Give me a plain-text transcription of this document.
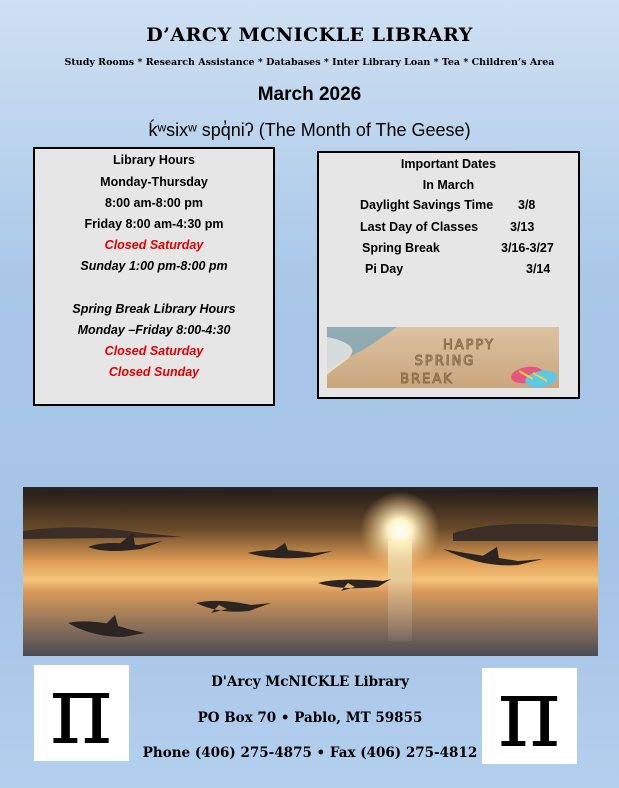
D’ARCY MCNICKLE LIBRARY
Study Rooms * Research Assistance * Databases * Inter Library Loan * Tea * Children’s Area
March 2026
ḱʷsixʷ spq̓niʔ (The Month of The Geese)
Library Hours
Monday-Thursday
8:00 am-8:00 pm
Friday 8:00 am-4:30 pm
Closed Saturday
Sunday 1:00 pm-8:00 pm
Spring Break Library Hours
Monday –Friday 8:00-4:30
Closed Saturday
Closed Sunday
Important Dates
In March
Daylight Savings Time 3/8
Last Day of Classes	3/13
Spring Break	3/16-3/27
Pi Day	3/14
HAPPY
SPRING
BREAK
π	π
D'Arcy McNICKLE Library
PO Box 70 • Pablo, MT 59855
Phone (406) 275-4875 • Fax (406) 275-4812
